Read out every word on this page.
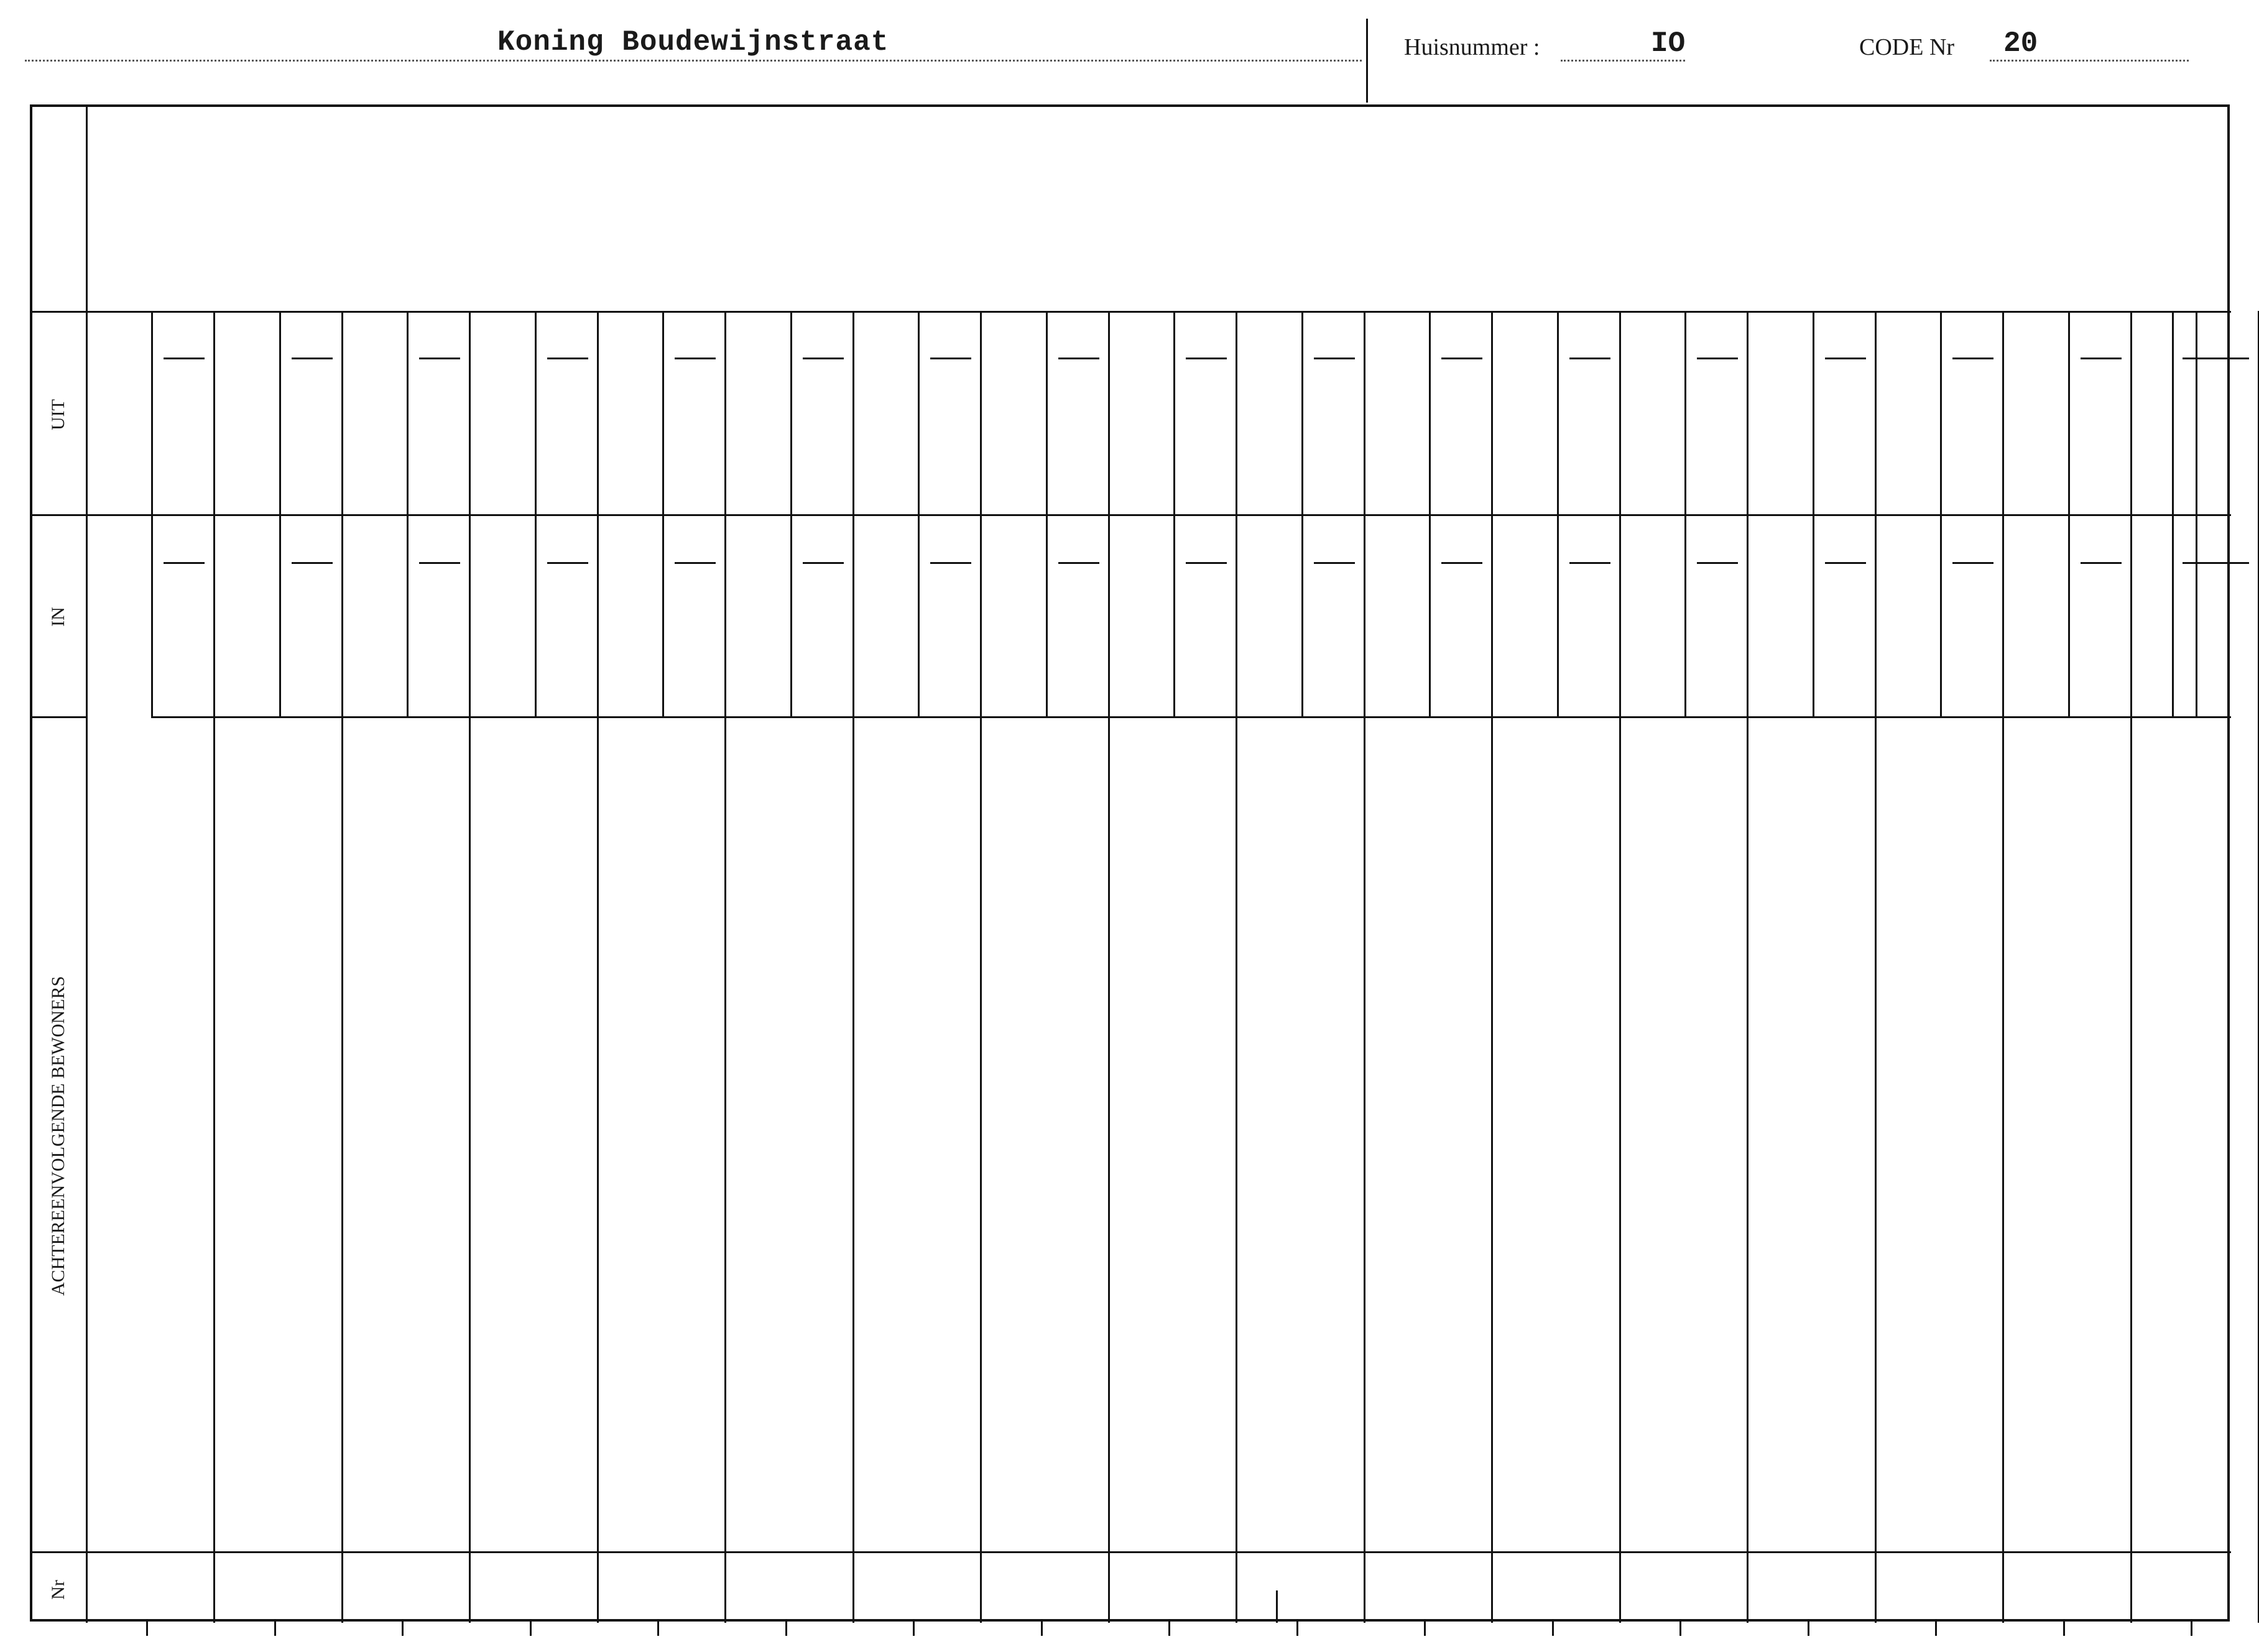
Koning Boudewijnstraat	Huisnummer :	IO	CODE Nr 20
UIT
IN
ACHTEREENVOLGENDE BEWONERS
Nr
